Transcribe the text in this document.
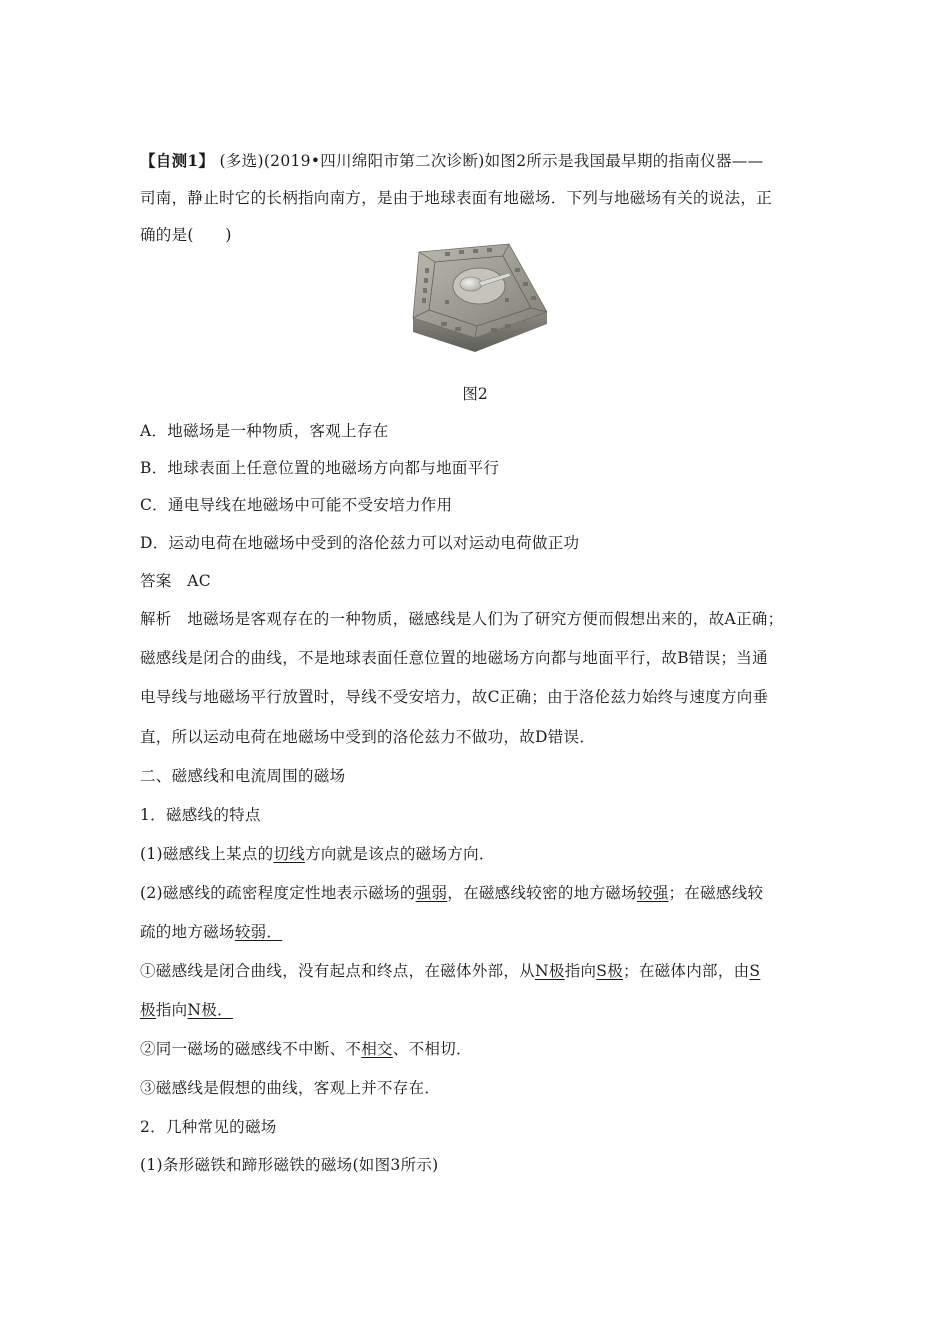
【自测1】 (多选)(2019•四川绵阳市第二次诊断)如图2所示是我国最早期的指南仪器——
司南，静止时它的长柄指向南方，是由于地球表面有地磁场．下列与地磁场有关的说法，正
确的是(　　)
图2
A．地磁场是一种物质，客观上存在
B．地球表面上任意位置的地磁场方向都与地面平行
C．通电导线在地磁场中可能不受安培力作用
D．运动电荷在地磁场中受到的洛伦兹力可以对运动电荷做正功
答案 AC
解析 地磁场是客观存在的一种物质，磁感线是人们为了研究方便而假想出来的，故A正确；
磁感线是闭合的曲线，不是地球表面任意位置的地磁场方向都与地面平行，故B错误；当通
电导线与地磁场平行放置时，导线不受安培力，故C正确；由于洛伦兹力始终与速度方向垂
直，所以运动电荷在地磁场中受到的洛伦兹力不做功，故D错误．
二、磁感线和电流周围的磁场
1．磁感线的特点
(1)磁感线上某点的切线方向就是该点的磁场方向．
(2)磁感线的疏密程度定性地表示磁场的强弱，在磁感线较密的地方磁场较强；在磁感线较
疏的地方磁场较弱．
①磁感线是闭合曲线，没有起点和终点，在磁体外部，从N极指向S极；在磁体内部，由S
极指向N极．
②同一磁场的磁感线不中断、不相交、不相切．
③磁感线是假想的曲线，客观上并不存在．
2．几种常见的磁场
(1)条形磁铁和蹄形磁铁的磁场(如图3所示)
